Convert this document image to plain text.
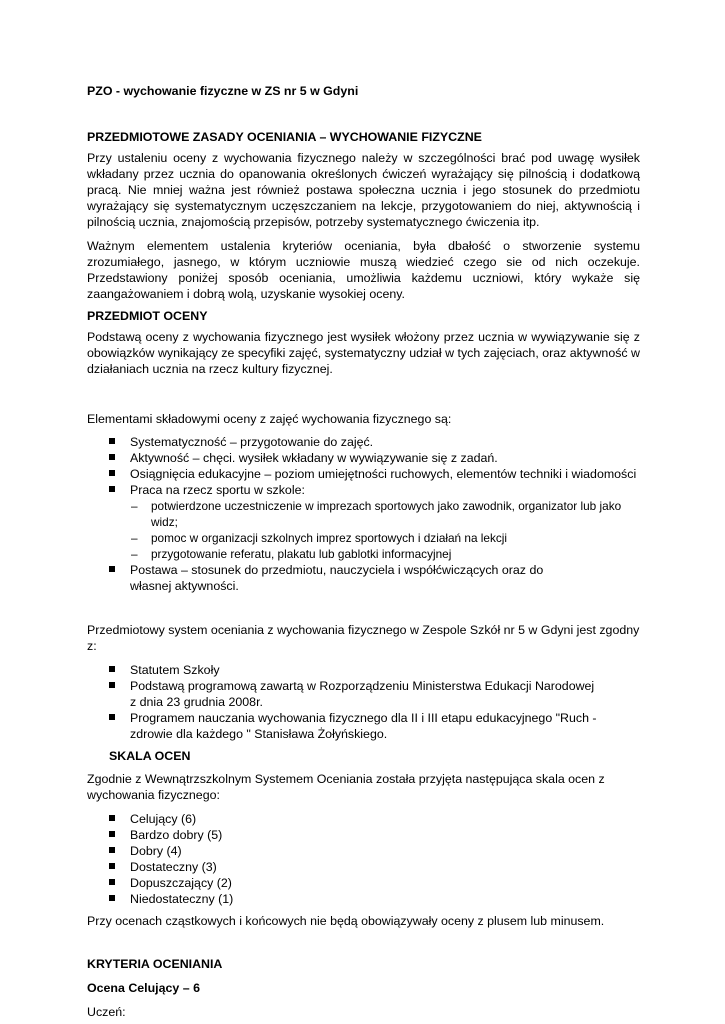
PZO - wychowanie fizyczne w ZS nr 5 w Gdyni

PRZEDMIOTOWE ZASADY OCENIANIA – WYCHOWANIE FIZYCZNE

Przy ustaleniu oceny z wychowania fizycznego należy w szczególności brać pod uwagę wysiłek wkładany przez ucznia do opanowania określonych ćwiczeń wyrażający się pilnością i dodatkową pracą. Nie mniej ważna jest również postawa społeczna ucznia i jego stosunek do przedmiotu wyrażający się systematycznym uczęszczaniem na lekcje, przygotowaniem do niej, aktywnością i pilnością ucznia, znajomością przepisów, potrzeby systematycznego ćwiczenia itp.

Ważnym elementem ustalenia kryteriów oceniania, była dbałość o stworzenie systemu zrozumiałego, jasnego, w którym uczniowie muszą wiedzieć czego sie od nich oczekuje. Przedstawiony poniżej sposób oceniania, umożliwia każdemu uczniowi, który wykaże się zaangażowaniem i dobrą wolą, uzyskanie wysokiej oceny.

PRZEDMIOT OCENY

Podstawą oceny z wychowania fizycznego jest wysiłek włożony przez ucznia w wywiązywanie się z obowiązków wynikający ze specyfiki zajęć, systematyczny udział w tych zajęciach, oraz aktywność w działaniach ucznia na rzecz kultury fizycznej.

Elementami składowymi oceny z zajęć wychowania fizycznego są:

Systematyczność – przygotowanie do zajęć.
Aktywność – chęci. wysiłek wkładany w wywiązywanie się z zadań.
Osiągnięcia edukacyjne – poziom umiejętności ruchowych, elementów techniki i wiadomości
Praca na rzecz sportu w szkole:
– potwierdzone uczestniczenie w imprezach sportowych jako zawodnik, organizator lub jako widz;
– pomoc w organizacji szkolnych imprez sportowych i działań na lekcji
– przygotowanie referatu, plakatu lub gablotki informacyjnej
Postawa – stosunek do przedmiotu, nauczyciela i współćwiczących oraz do własnej aktywności.

Przedmiotowy system oceniania z wychowania fizycznego w Zespole Szkół nr 5 w Gdyni jest zgodny z:

Statutem Szkoły
Podstawą programową zawartą w Rozporządzeniu Ministerstwa Edukacji Narodowej z dnia 23 grudnia 2008r.
Programem nauczania wychowania fizycznego dla II i III etapu edukacyjnego "Ruch - zdrowie dla każdego " Stanisława Żołyńskiego.

SKALA OCEN

Zgodnie z Wewnątrzszkolnym Systemem Oceniania została przyjęta następująca skala ocen z wychowania fizycznego:

Celujący (6)
Bardzo dobry (5)
Dobry (4)
Dostateczny (3)
Dopuszczający (2)
Niedostateczny (1)

Przy ocenach cząstkowych i końcowych nie będą obowiązywały oceny z plusem lub minusem.

KRYTERIA OCENIANIA

Ocena Celujący – 6

Uczeń:
